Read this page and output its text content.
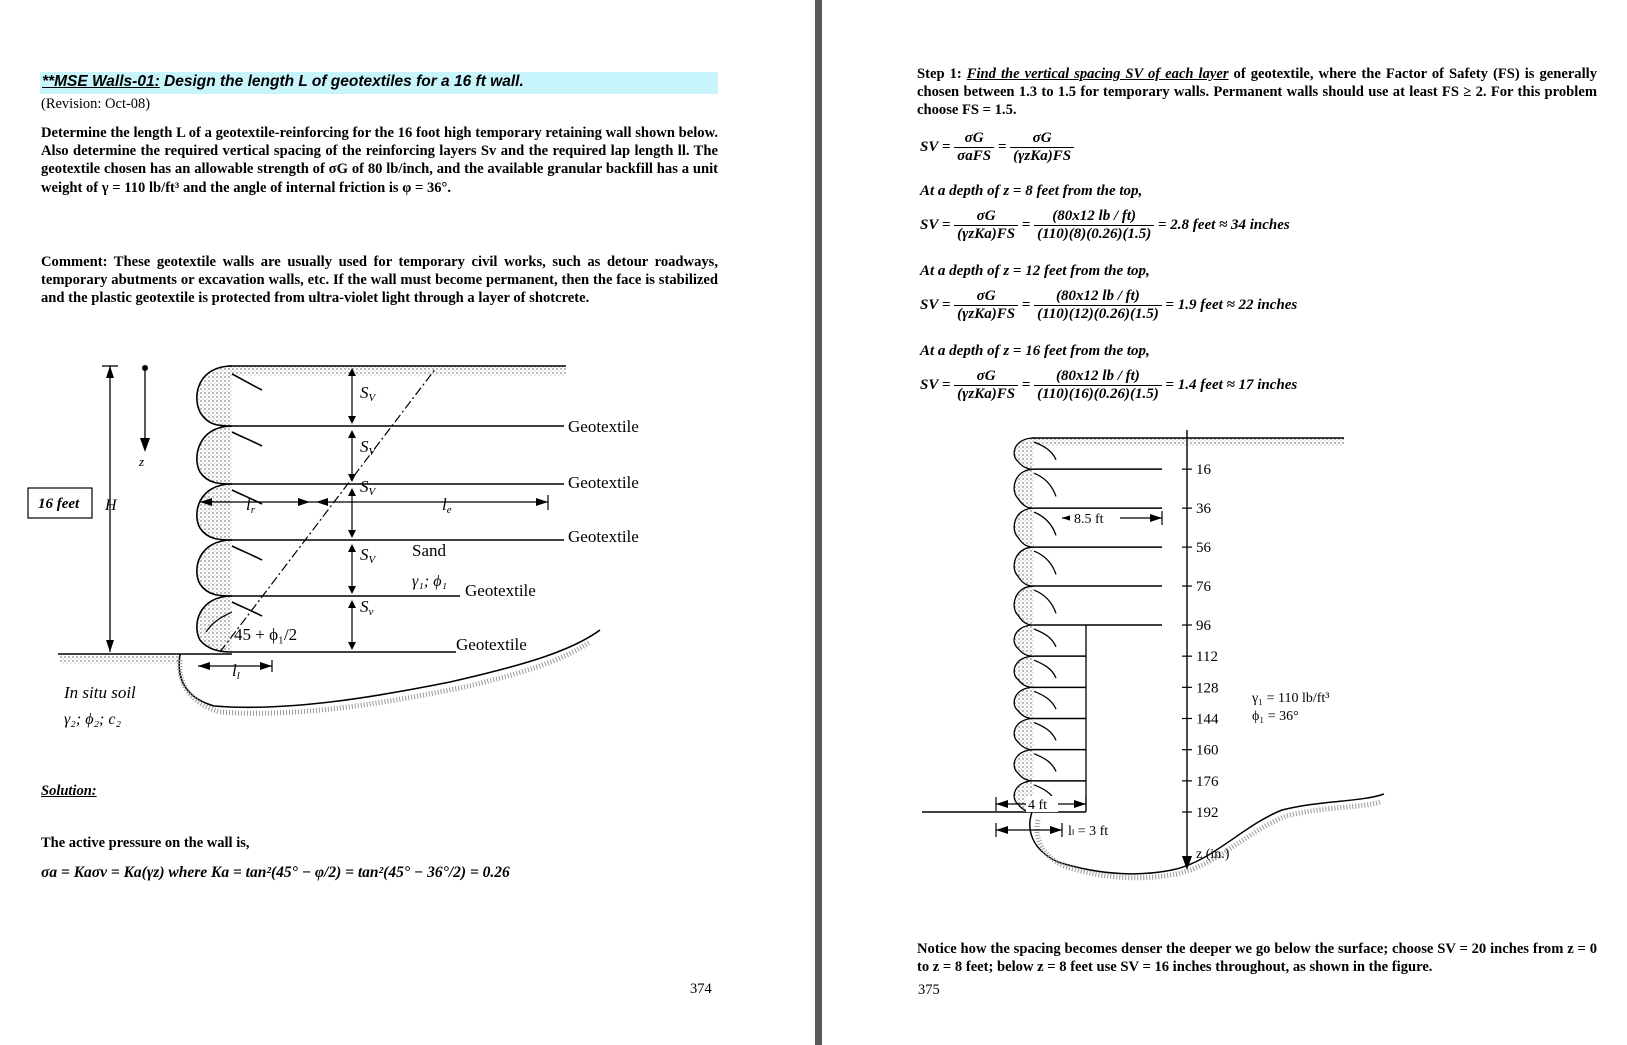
**MSE Walls-01: Design the length L of geotextiles for a 16 ft wall.
(Revision: Oct-08)

Determine the length L of a geotextile-reinforcing for the 16 foot high temporary retaining wall shown below. Also determine the required vertical spacing of the reinforcing layers Sv and the required lap length ll. The geotextile chosen has an allowable strength of σG of 80 lb/inch, and the available granular backfill has a unit weight of γ = 110 lb/ft³ and the angle of internal friction is φ = 36°.

Comment: These geotextile walls are usually used for temporary civil works, such as detour roadways, temporary abutments or excavation walls, etc. If the wall must become permanent, then the face is stabilized and the plastic geotextile is protected from ultra-violet light through a layer of shotcrete.

16 feet H
z
SV
SV
SV
SV
Sv
Geotextile
Geotextile
Geotextile
Geotextile
Geotextile
lr	le
ll
Sand
γ₁; ϕ₁
45 + ϕ₁/2
In situ soil
γ₂; ϕ₂; c₂
Solution:
The active pressure on the wall is,
σa = Kaσv = Ka(γz) where Ka = tan²(45° − φ/2) = tan²(45° − 36°/2) = 0.26
374

Step 1: Find the vertical spacing SV of each layer of geotextile, where the Factor of Safety (FS) is generally chosen between 1.3 to 1.5 for temporary walls. Permanent walls should use at least FS ≥ 2. For this problem choose FS = 1.5.

SV = $\frac{\sigma G}{\text{σaFS}} = \frac{\sigma G}{\text{(γzKa)FS}}$
At a depth of z = 8 feet from the top,
SV = $\frac{\sigma G}{\text{(γzKa)FS}} = \frac{(80x12 lb / ft)}{(110)(8)(0.26)(1.5)} = 2.8$ feet ≈ 34 inches
At a depth of z = 12 feet from the top,
SV = $\frac{\sigma G}{\text{(γzKa)FS}} = \frac{(80x12 lb / ft)}{(110)(12)(0.26)(1.5)} = 1.9$ feet ≈ 22 inches
At a depth of z = 16 feet from the top,
SV = $\frac{\sigma G}{\text{(γzKa)FS}} = \frac{(80x12 lb / ft)}{(110)(16)(0.26)(1.5)} = 1.4$ feet ≈ 17 inches
16
36
56
76
96
112
128
144
160
176
192
8.5 ft
4 ft
lₗ = 3 ft
z (in.)
γ₁ = 110 lb/ft³
ϕ₁ = 36°

Notice how the spacing becomes denser the deeper we go below the surface; choose SV = 20 inches from z = 0 to z = 8 feet; below z = 8 feet use SV = 16 inches throughout, as shown in the figure.

375
